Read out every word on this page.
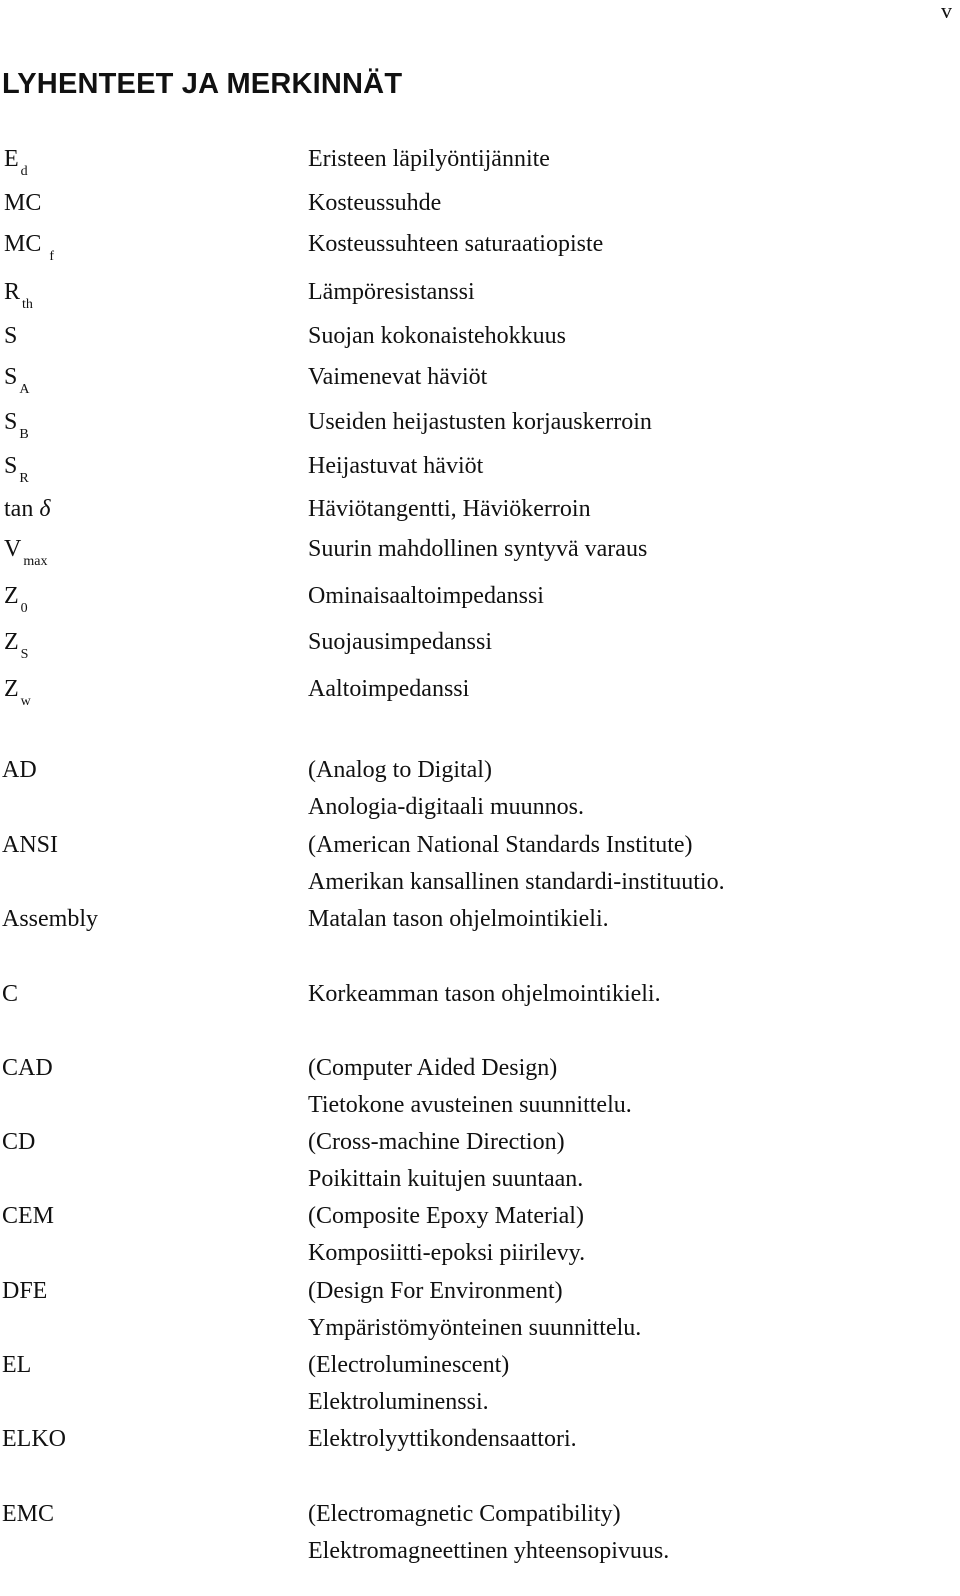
v
LYHENTEET JA MERKINNÄT
E $_d$	Eristeen läpilyöntijännite
MC	Kosteussuhde
MC $_f$	Kosteussuhteen saturaatiopiste
R $_{th}$	Lämpöresistanssi
S	Suojan kokonaistehokkuus
S $_A$	Vaimenevat häviöt
S $_B$	Useiden heijastusten korjauskerroin
S $_R$	Heijastuvat häviöt
tan δ	Häviötangentti, Häviökerroin
V $_{max}$	Suurin mahdollinen syntyvä varaus
Z $_0$	Ominaisaaltoimpedanssi
Z $_S$	Suojausimpedanssi
Z $_w$	Aaltoimpedanssi
AD	(Analog to Digital)
Anologia-digitaali muunnos.
ANSI	(American National Standards Institute)
Amerikan kansallinen standardi-instituutio.
Assembly	Matalan tason ohjelmointikieli.
C	Korkeamman tason ohjelmointikieli.
CAD	(Computer Aided Design)
Tietokone avusteinen suunnittelu.
CD	(Cross-machine Direction)
Poikittain kuitujen suuntaan.
CEM	(Composite Epoxy Material)
Komposiitti-epoksi piirilevy.
DFE	(Design For Environment)
Ympäristömyönteinen suunnittelu.
EL	(Electroluminescent)
Elektroluminenssi.
ELKO	Elektrolyyttikondensaattori.
EMC	(Electromagnetic Compatibility)
Elektromagneettinen yhteensopivuus.
